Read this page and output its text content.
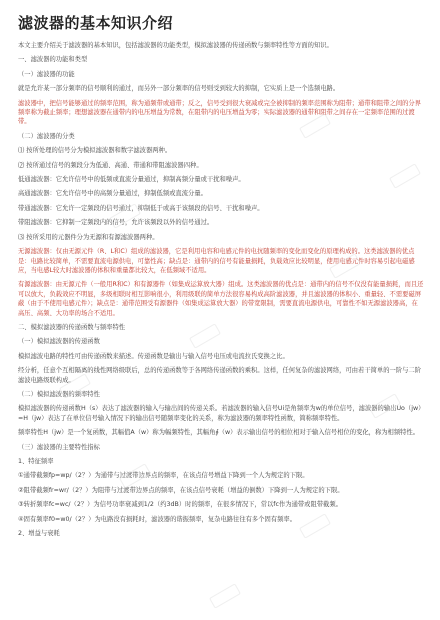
滤波器的基本知识介绍

本文主要介绍关于滤波器的基本知识，包括滤波器的功能类型，模拟滤波器的传递函数与频率特性等方面的知识。

一、滤波器的功能和类型

（一）滤波器的功能

就是允许某一部分频率的信号顺利的通过，而另外一部分频率的信号则受到较大的抑制，它实质上是一个选频电路。

滤波器中，把信号能够通过的频率范围，称为通频带或通带；反之，信号受到很大衰减或完全被抑制的频率范围称为阻带；通带和阻带之间的分界频率称为截止频率；理想滤波器在通带内的电压增益为常数，在阻带内的电压增益为零；实际滤波器的通带和阻带之间存在一定频率范围的过渡带。

（二）滤波器的分类

⑴ 按所处理的信号分为模拟滤波器和数字滤波器两种。

⑵ 按所通过信号的频段分为低通、高通、带通和带阻滤波器四种。

低通滤波器：它允许信号中的低频或直流分量通过，抑制高频分量或干扰和噪声。

高通滤波器：它允许信号中的高频分量通过，抑制低频或直流分量。

带通滤波器：它允许一定频段的信号通过，抑制低于或高于该频段的信号、干扰和噪声。

带阻滤波器：它抑制一定频段内的信号，允许该频段以外的信号通过。

⑶ 按所采用的元器件分为无源和有源滤波器两种。

无源滤波器：仅由无源元件（R、L和C）组成的滤波器，它是利用电容和电感元件的电抗随频率的变化而变化的原理构成的。这类滤波器的优点是：电路比较简单，不需要直流电源供电，可靠性高；缺点是：通带内的信号有能量损耗，负载效应比较明显，使用电感元件时容易引起电磁感应，当电感L较大时滤波器的体积和重量都比较大，在低频域不适用。

有源滤波器：由无源元件（一般用R和C）和有源器件（如集成运算放大器）组成。这类滤波器的优点是：通带内的信号不仅没有能量损耗，而且还可以放大，负载效应不明显，多级相联时相互影响很小，利用级联的简单方法很容易构成高阶滤波器，并且滤波器的体积小、重量轻、不需要磁屏蔽（由于不使用电感元件）；缺点是：通带范围受有源器件（如集成运算放大器）的带宽限制，需要直流电源供电，可靠性不如无源滤波器高，在高压、高频、大功率的场合不适用。

二、模拟滤波器的传递函数与频率特性

（一）模拟滤波器的传递函数

模拟滤波电路的特性可由传递函数来描述。传递函数是输出与输入信号电压或电流拉氏变换之比。

经分析，任意个互相隔离的线性网络级联后，总的传递函数等于各网络传递函数的乘积。这样，任何复杂的滤波网络，可由若干简单的一阶与二阶滤波电路级联构成。

（二）模拟滤波器的频率特性

模拟滤波器的传递函数H（s）表达了滤波器的输入与输出间的传递关系。若滤波器的输入信号Ui是角频率为w的单位信号，滤波器的输出Uo（jw）=H（jw）表达了在单位信号输入情况下的输出信号随频率变化的关系，称为滤波器的频率特性函数，简称频率特性。

频率特性H（jw）是一个复函数，其幅值A（w）称为幅频特性，其幅角∮（w）表示输出信号的相位相对于输入信号相位的变化，称为相频特性。

（三）滤波器的主要特性指标

1、特征频率

①通带截频fp=wp/（2？）为通带与过渡带边界点的频率，在该点信号增益下降到一个人为规定的下限。

②阻带截频fr=wr/（2？）为阻带与过渡带边界点的频率，在该点信号衰耗（增益的倒数）下降到一人为规定的下限。

③转折频率fc=wc/（2？）为信号功率衰减到1/2（约3dB）时的频率，在很多情况下，常以fc作为通带或阻带截频。

④固有频率f0=w0/（2？）为电路没有损耗时，滤波器的谐振频率，复杂电路往往有多个固有频率。

2、增益与衰耗
